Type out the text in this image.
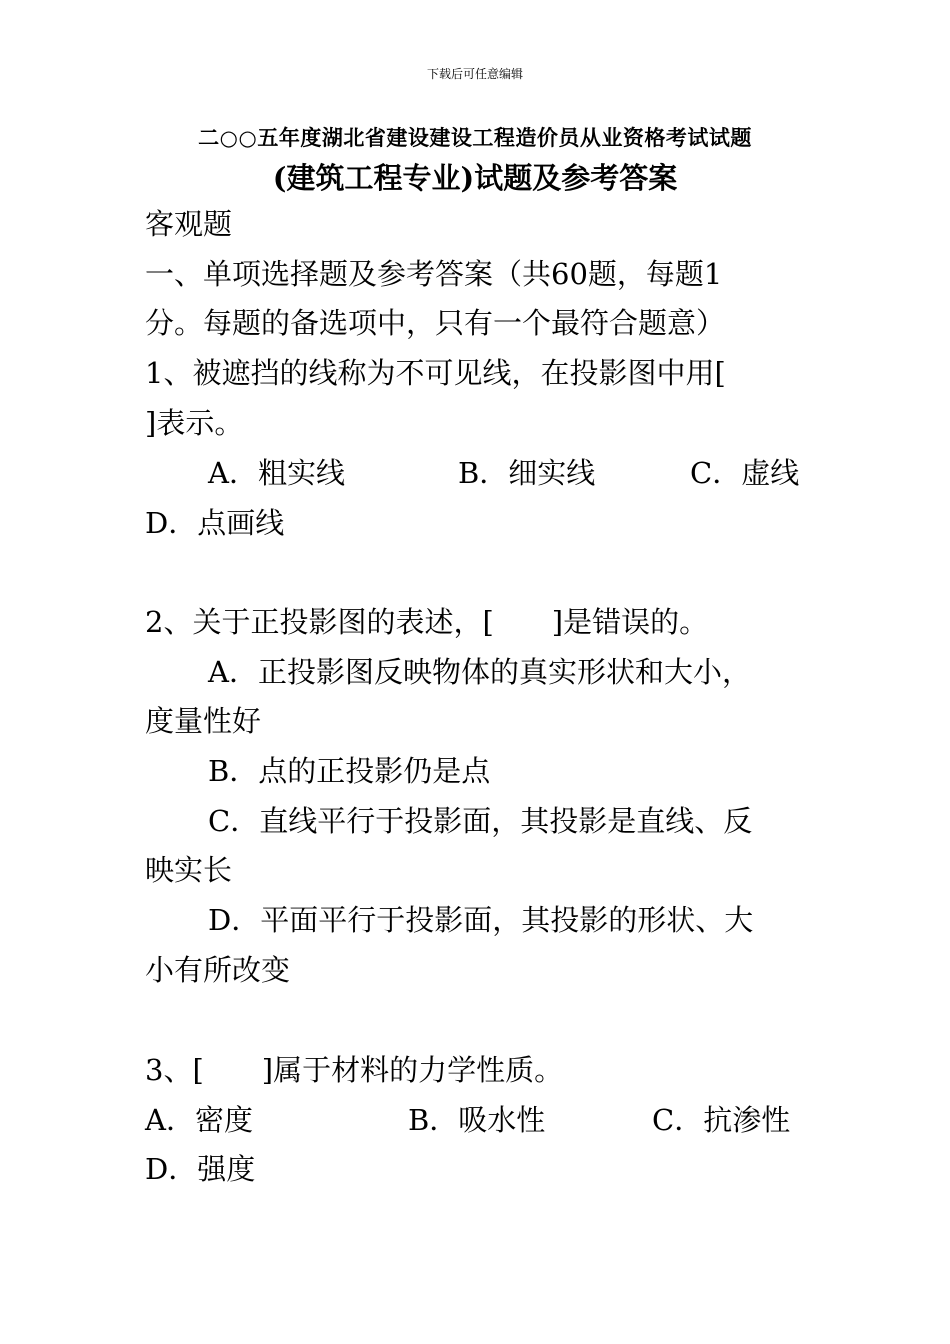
下载后可任意编辑
二○○五年度湖北省建设建设工程造价员从业资格考试试题
(建筑工程专业)试题及参考答案
客观题
一、单项选择题及参考答案（共60题，每题1
分。每题的备选项中，只有一个最符合题意）
1、被遮挡的线称为不可见线，在投影图中用[
]表示。
A．粗实线	B．细实线	C．虚线
D．点画线
2、关于正投影图的表述，[　　]是错误的。
A．正投影图反映物体的真实形状和大小，
度量性好
B．点的正投影仍是点
C．直线平行于投影面，其投影是直线、反
映实长
D．平面平行于投影面，其投影的形状、大
小有所改变
3、[　　]属于材料的力学性质。
A．密度	B．吸水性	C．抗渗性
D．强度
